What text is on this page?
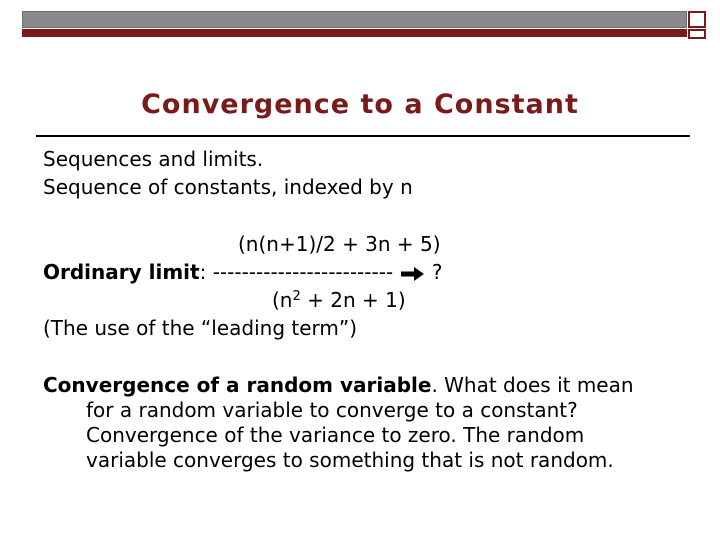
Convergence to a Constant
Sequences and limits.
Sequence of constants, indexed by n
(n(n+1)/2 + 3n + 5)
Ordinary limit: ------------------------- ?
$(n^2 + 2n + 1)$
(The use of the “leading term”)
Convergence of a random variable. What does it mean
for a random variable to converge to a constant?
Convergence of the variance to zero. The random
variable converges to something that is not random.
